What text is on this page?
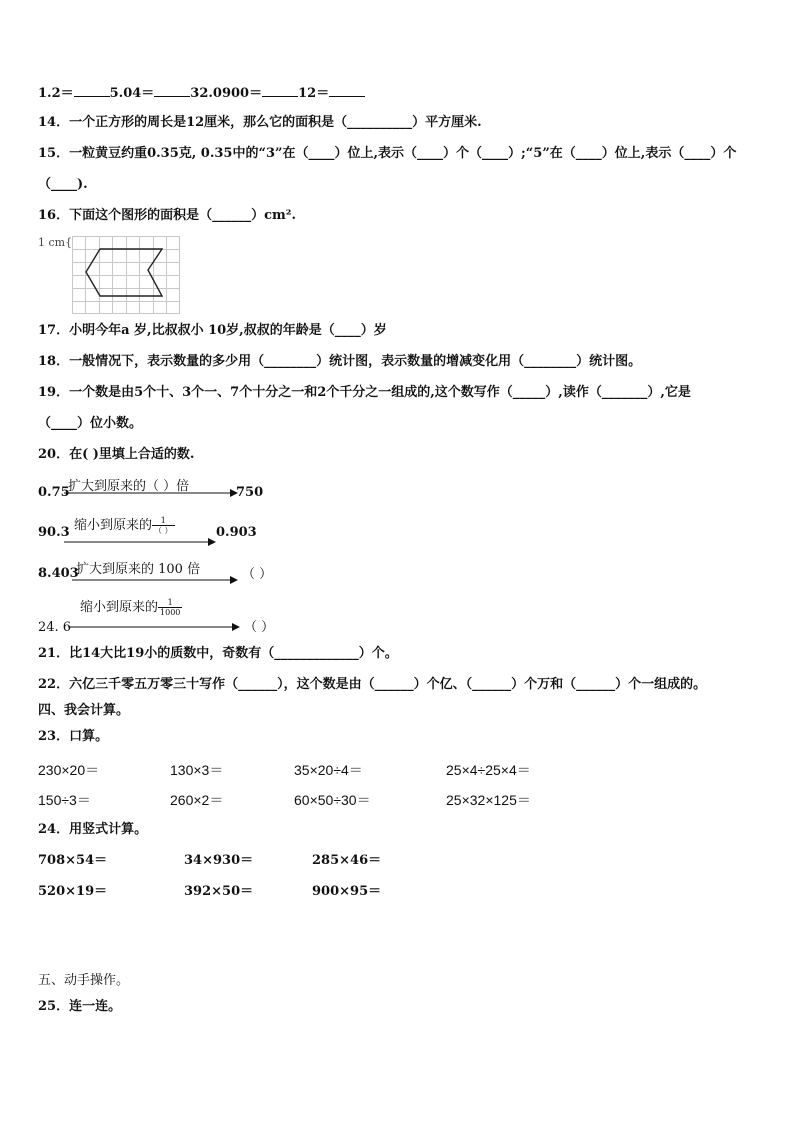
1.2＝	5.04＝	32.0900＝	12＝
14．一个正方形的周长是12厘米，那么它的面积是（__________）平方厘米.
15．一粒黄豆约重0.35克, 0.35中的“3”在（____）位上,表示（____）个（____）;“5”在（____）位上,表示（____）个
（____).
16．下面这个图形的面积是（______）cm².
1 cm{
17．小明今年a 岁,比叔叔小 10岁,叔叔的年龄是（____）岁
18．一般情况下，表示数量的多少用（________）统计图，表示数量的增减变化用（________）统计图。
19．一个数是由5个十、3个一、7个十分之一和2个千分之一组成的,这个数写作（_____）,读作（_______）,它是
（____）位小数。
20．在( )里填上合适的数.
0.75
扩大到原来的（ ）倍	750
90.3 缩小到原来的 $\frac{1}{( )}$	0.903
8.403
扩大到原来的 100 倍	（ ）
24. 6
缩小到原来的 $\frac{1}{1000}$
（ ）
21．比14大比19小的质数中，奇数有（_____________）个。
22．六亿三千零五万零三十写作（______），这个数是由（______）个亿、（______）个万和（______）个一组成的。
四、我会计算。
23．口算。
230×20＝	130×3＝	35×20÷4＝	25×4÷25×4＝
150÷3＝	260×2＝	60×50÷30＝	25×32×125＝
24．用竖式计算。
708×54＝	34×930＝	285×46＝
520×19＝	392×50＝	900×95＝
五、动手操作。
25．连一连。
